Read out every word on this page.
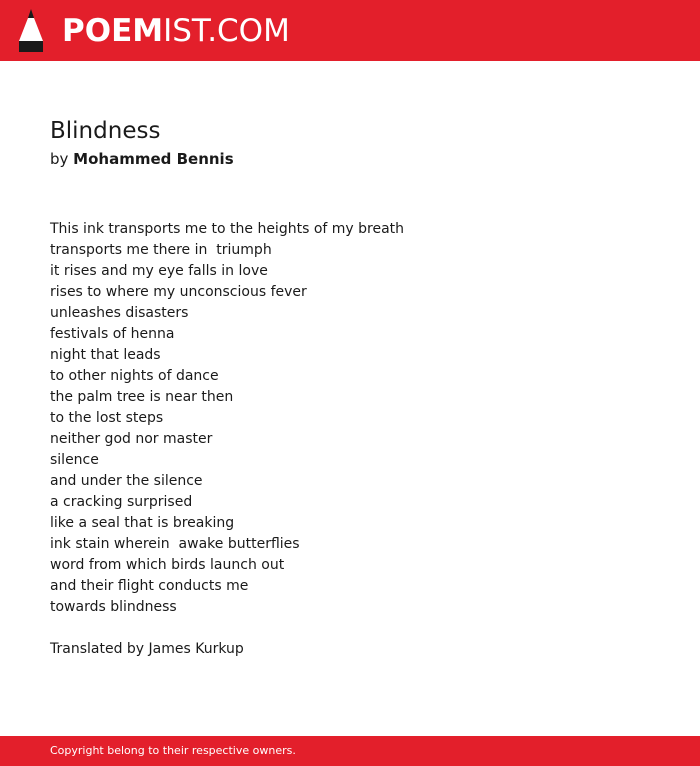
POEMIST.COM
Blindness
by Mohammed Bennis
This ink transports me to the heights of my breath
transports me there in  triumph
it rises and my eye falls in love
rises to where my unconscious fever
unleashes disasters
festivals of henna
night that leads
to other nights of dance
the palm tree is near then
to the lost steps
neither god nor master
silence
and under the silence
a cracking surprised
like a seal that is breaking
ink stain wherein  awake butterflies
word from which birds launch out
and their flight conducts me
towards blindness
Translated by James Kurkup
Copyright belong to their respective owners.
